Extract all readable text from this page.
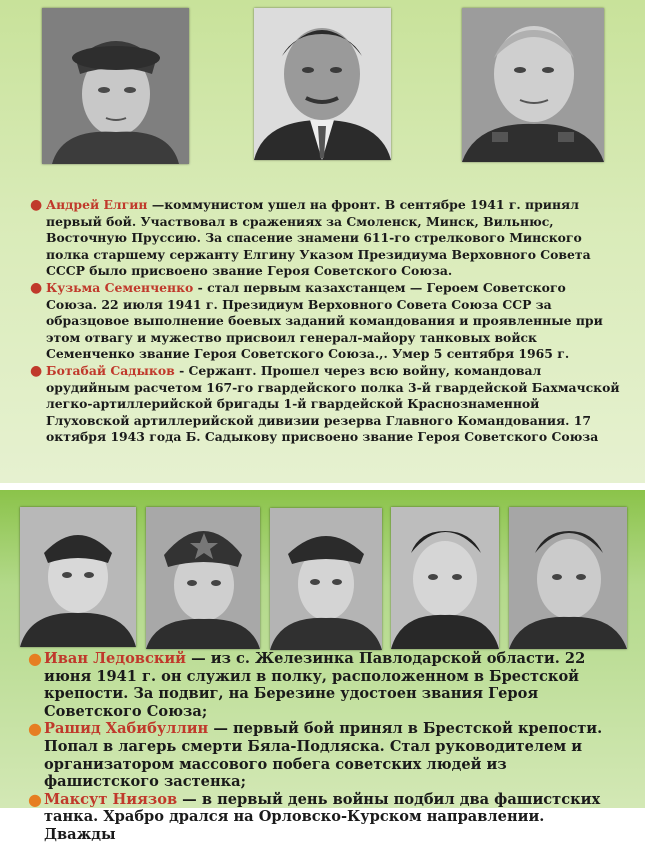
● Андрей Елгин —коммунистом ушел на фронт. В сентябре 1941 г. принял первый бой. Участвовал в сражениях за Смоленск, Минск, Вильнюс, Восточную Пруссию. За спасение знамени 611-го стрелкового Минского полка старшему сержанту Елгину Указом Президиума Верховного Совета СССР было присвоено звание Героя Советского Союза.
● Кузьма Семенченко - стал первым казахстанцем — Героем Советского Союза. 22 июля 1941 г. Президиум Верховного Совета Союза ССР за образцовое выполнение боевых заданий командования и проявленные при этом отвагу и мужество присвоил генерал-майору танковых войск Семенченко звание Героя Советского Союза.,. Умер 5 сентября 1965 г.
● Ботабай Садыков - Сержант. Прошел через всю войну, командовал орудийным расчетом 167-го гвардейского полка 3-й гвардейской Бахмачской легко-артиллерийской бригады 1-й гвардейской Краснознаменной Глуховской артиллерийской дивизии резерва Главного Командования. 17 октября 1943 года Б. Садыкову присвоено звание Героя Советского Союза
● Иван Ледовский — из с. Железинка Павлодарской области. 22 июня 1941 г. он служил в полку, расположенном в Брестской крепости. За подвиг, на Березине удостоен звания Героя Советского Союза;
● Рашид Хабибуллин — первый бой принял в Брестской крепости. Попал в лагерь смерти Бяла-Подляска. Стал руководителем и организатором массового побега советских людей из фашистского застенка;
● Максут Ниязов — в первый день войны подбил два фашистских танка. Храбро дрался на Орловско-Курском направлении. Дважды
